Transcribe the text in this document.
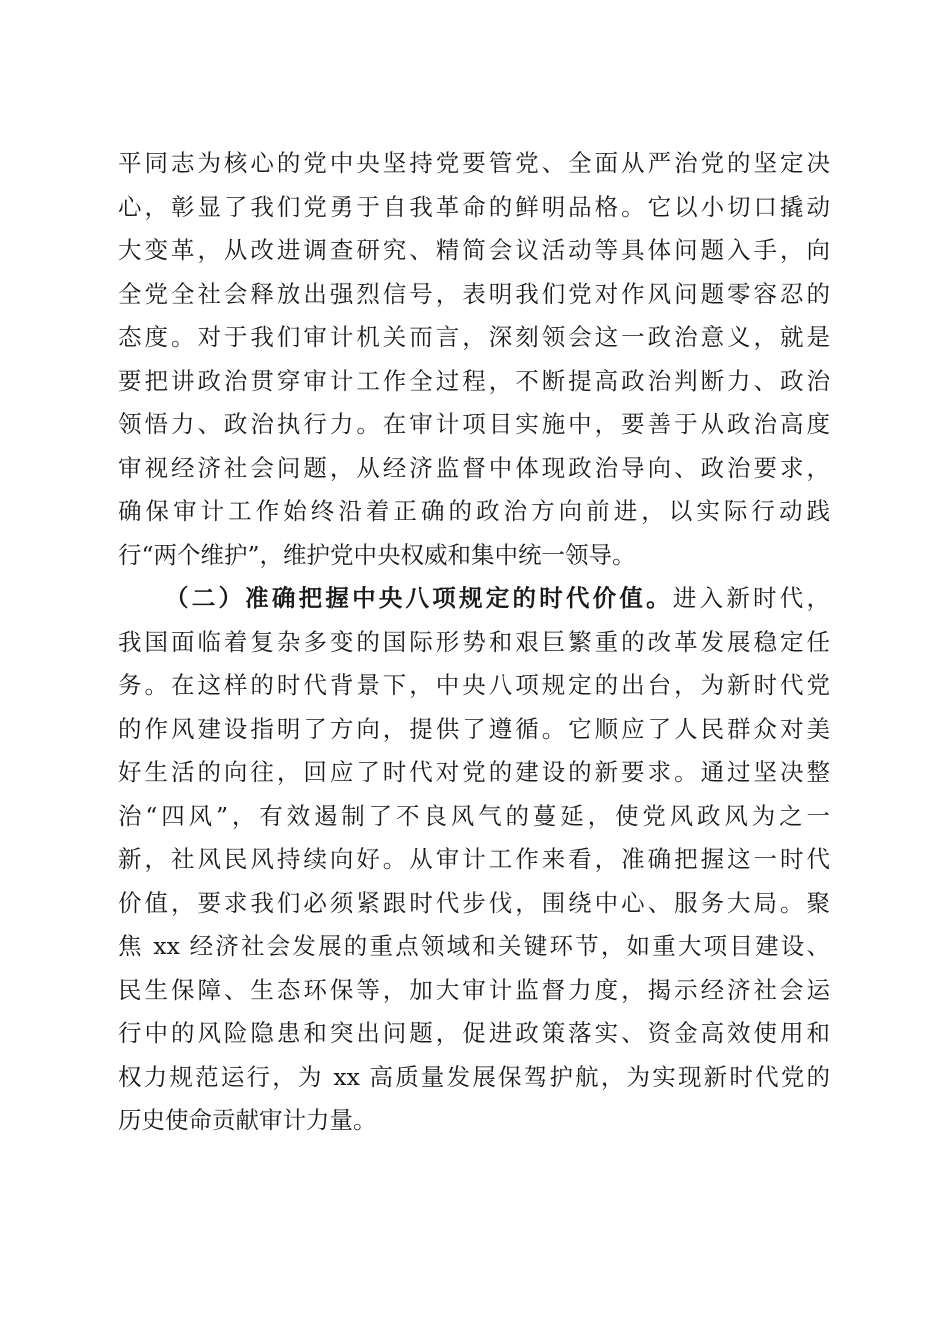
平同志为核心的党中央坚持党要管党、全面从严治党的坚定决
心，彰显了我们党勇于自我革命的鲜明品格。它以小切口撬动
大变革，从改进调查研究、精简会议活动等具体问题入手，向
全党全社会释放出强烈信号，表明我们党对作风问题零容忍的
态度。对于我们审计机关而言，深刻领会这一政治意义，就是
要把讲政治贯穿审计工作全过程，不断提高政治判断力、政治
领悟力、政治执行力。在审计项目实施中，要善于从政治高度
审视经济社会问题，从经济监督中体现政治导向、政治要求，
确保审计工作始终沿着正确的政治方向前进，以实际行动践
行“两个维护”，维护党中央权威和集中统一领导。
（二）准确把握中央八项规定的时代价值。进入新时代，
我国面临着复杂多变的国际形势和艰巨繁重的改革发展稳定任
务。在这样的时代背景下，中央八项规定的出台，为新时代党
的作风建设指明了方向，提供了遵循。它顺应了人民群众对美
好生活的向往，回应了时代对党的建设的新要求。通过坚决整
治“四风”，有效遏制了不良风气的蔓延，使党风政风为之一
新，社风民风持续向好。从审计工作来看，准确把握这一时代
价值，要求我们必须紧跟时代步伐，围绕中心、服务大局。聚
焦 xx 经济社会发展的重点领域和关键环节，如重大项目建设、
民生保障、生态环保等，加大审计监督力度，揭示经济社会运
行中的风险隐患和突出问题，促进政策落实、资金高效使用和
权力规范运行，为 xx 高质量发展保驾护航，为实现新时代党的
历史使命贡献审计力量。
